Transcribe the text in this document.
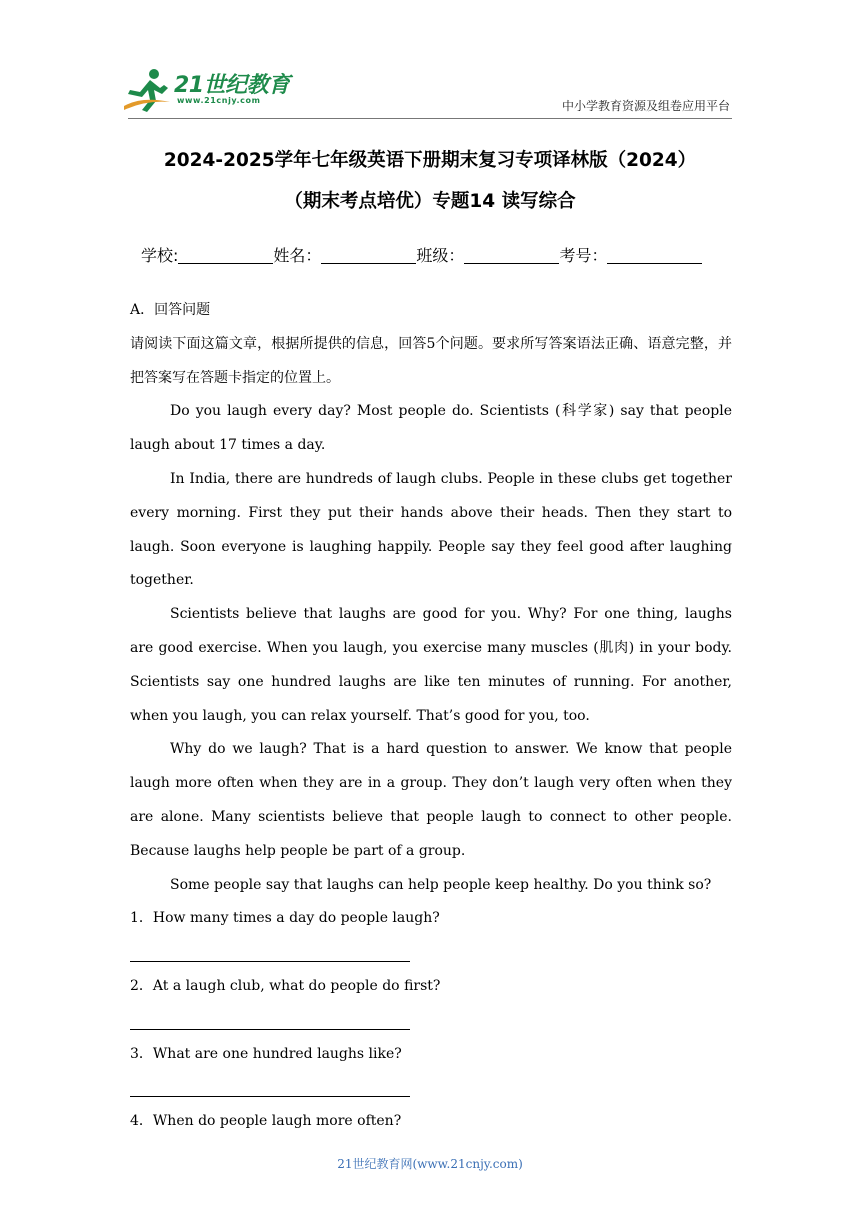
21世纪教育
www.21cnjy.com	中小学教育资源及组卷应用平台
2024-2025学年七年级英语下册期末复习专项译林版（2024）
（期末考点培优）专题14 读写综合
学校:	姓名：	班级：	考号：

A．回答问题

请阅读下面这篇文章，根据所提供的信息，回答5个问题。要求所写答案语法正确、语意完整，并把答案写在答题卡指定的位置上。

Do you laugh every day? Most people do. Scientists (科学家) say that people laugh about 17 times a day.

In India, there are hundreds of laugh clubs. People in these clubs get together every morning. First they put their hands above their heads. Then they start to laugh. Soon everyone is laughing happily. People say they feel good after laughing together.

Scientists believe that laughs are good for you. Why? For one thing, laughs are good exercise. When you laugh, you exercise many muscles (肌肉) in your body. Scientists say one hundred laughs are like ten minutes of running. For another, when you laugh, you can relax yourself. That’s good for you, too.

Why do we laugh? That is a hard question to answer. We know that people laugh more often when they are in a group. They don’t laugh very often when they are alone. Many scientists believe that people laugh to connect to other people. Because laughs help people be part of a group.

Some people say that laughs can help people keep healthy. Do you think so?

1．How many times a day do people laugh?

2．At a laugh club, what do people do first?

3．What are one hundred laughs like?

4．When do people laugh more often?

21世纪教育网(www.21cnjy.com)
